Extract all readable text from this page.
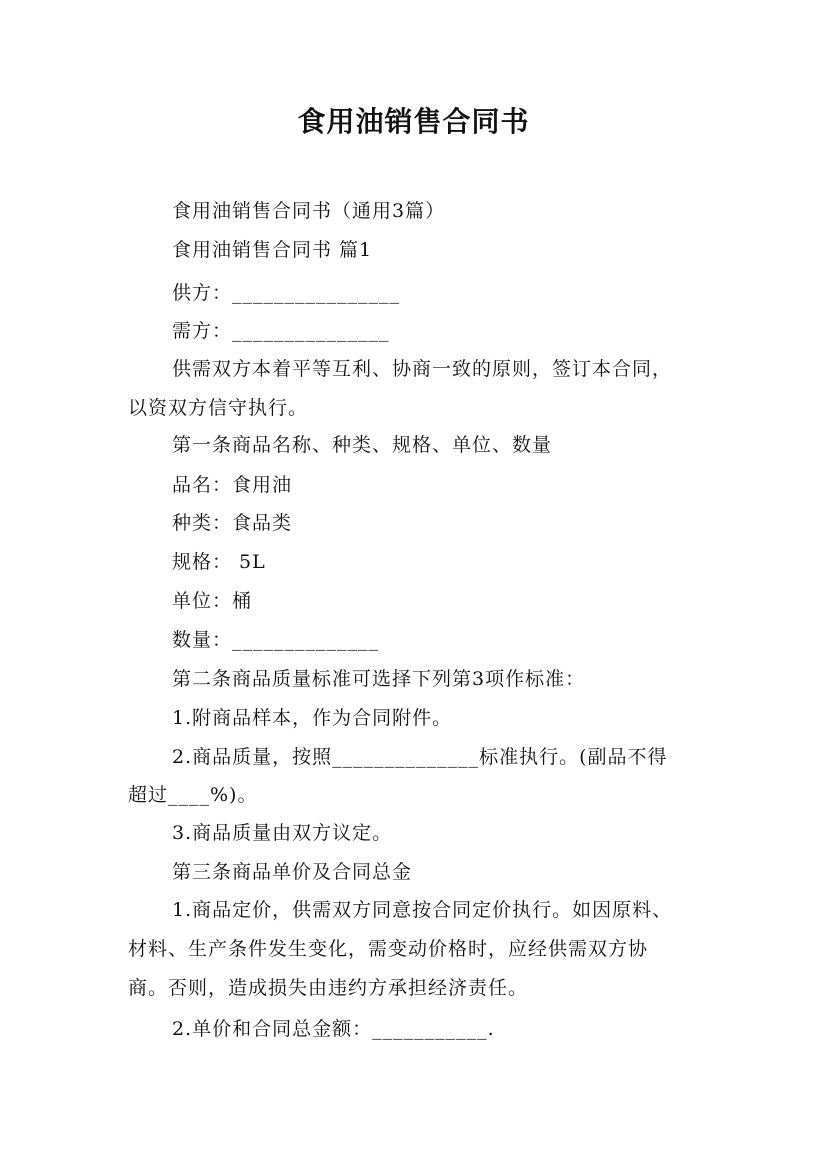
食用油销售合同书
食用油销售合同书（通用3篇）
食用油销售合同书 篇1
供方：________________
需方：_______________
供需双方本着平等互利、协商一致的原则，签订本合同，
以资双方信守执行。
第一条商品名称、种类、规格、单位、数量
品名：食用油
种类：食品类
规格： 5L
单位：桶
数量：______________
第二条商品质量标准可选择下列第3项作标准：
1.附商品样本，作为合同附件。
2.商品质量，按照______________标准执行。(副品不得
超过____%)。
3.商品质量由双方议定。
第三条商品单价及合同总金
1.商品定价，供需双方同意按合同定价执行。如因原料、
材料、生产条件发生变化，需变动价格时，应经供需双方协
商。否则，造成损失由违约方承担经济责任。
2.单价和合同总金额：___________.
